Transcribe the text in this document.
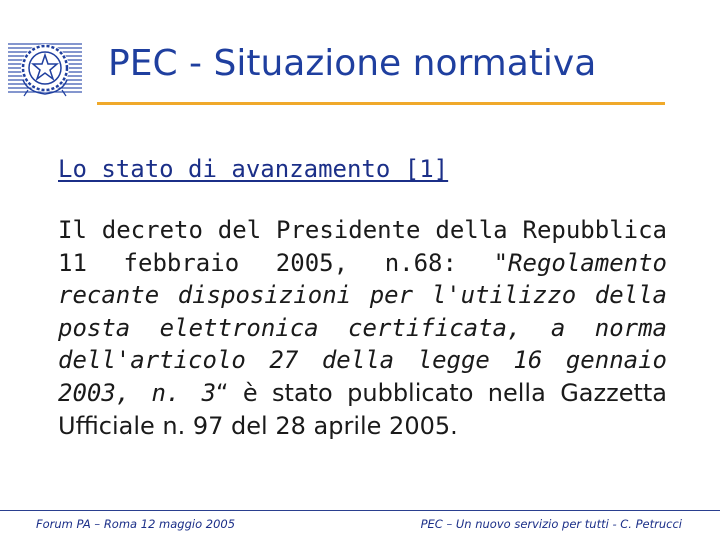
PEC - Situazione normativa
Lo stato di avanzamento [1]
Il decreto del Presidente della Repubblica 11 febbraio 2005, n.68: "Regolamento recante disposizioni per l'utilizzo della posta elettronica certificata, a norma dell'articolo 27 della legge 16 gennaio 2003, n. 3“ è stato pubblicato nella Gazzetta Ufficiale n. 97 del 28 aprile 2005.
Forum PA – Roma 12 maggio 2005	PEC – Un nuovo servizio per tutti - C. Petrucci
